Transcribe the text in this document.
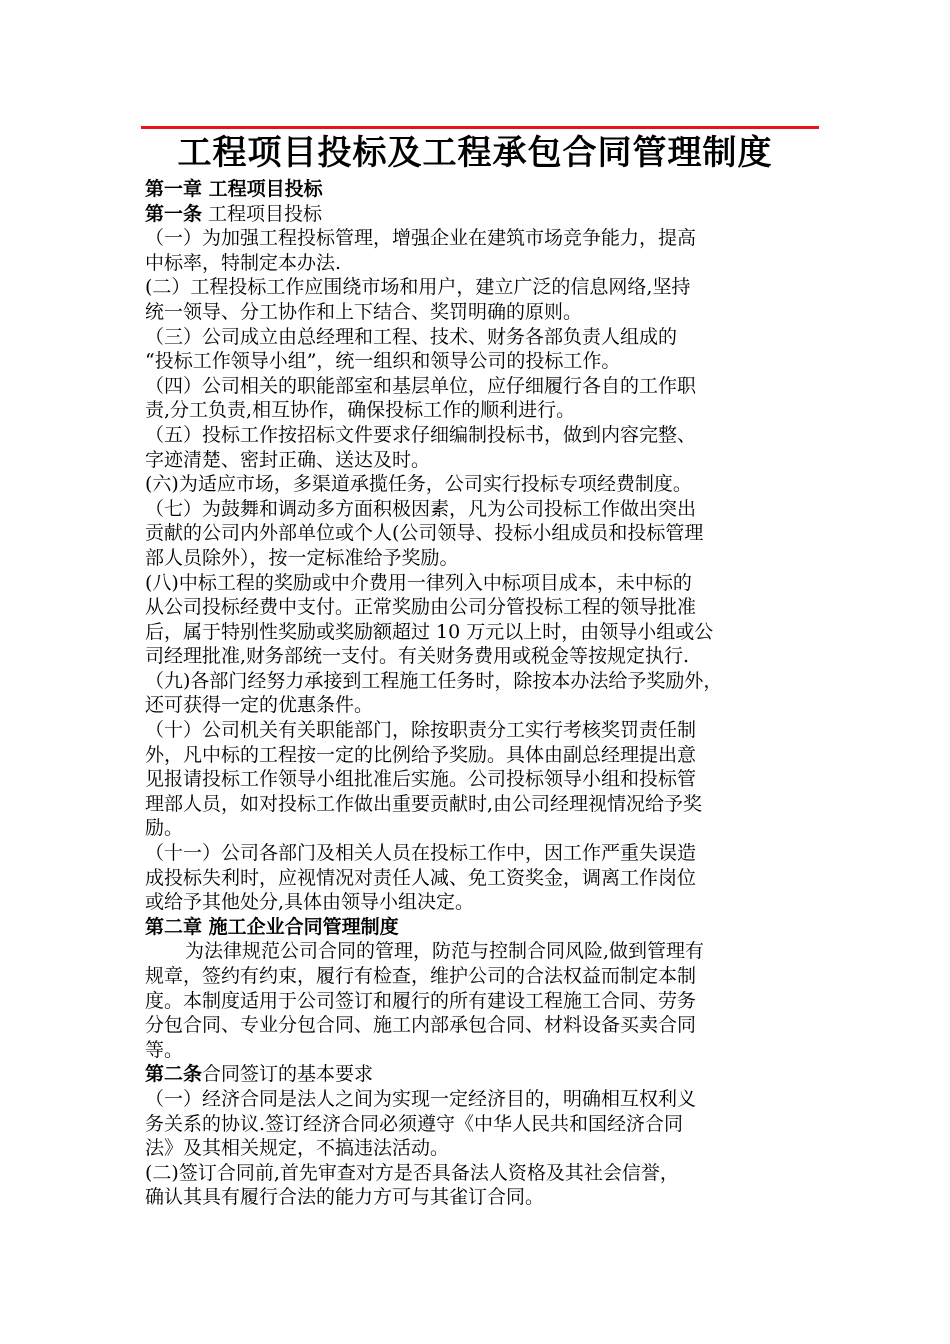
工程项目投标及工程承包合同管理制度
第一章 工程项目投标
第一条 工程项目投标
（一）为加强工程投标管理，增强企业在建筑市场竞争能力，提高
中标率，特制定本办法.
(二）工程投标工作应围绕市场和用户，建立广泛的信息网络,坚持
统一领导、分工协作和上下结合、奖罚明确的原则。
（三）公司成立由总经理和工程、技术、财务各部负责人组成的
“投标工作领导小组”，统一组织和领导公司的投标工作。
（四）公司相关的职能部室和基层单位，应仔细履行各自的工作职
责,分工负责,相互协作，确保投标工作的顺利进行。
（五）投标工作按招标文件要求仔细编制投标书，做到内容完整、
字迹清楚、密封正确、送达及时。
(六)为适应市场，多渠道承揽任务，公司实行投标专项经费制度。
（七）为鼓舞和调动多方面积极因素，凡为公司投标工作做出突出
贡献的公司内外部单位或个人(公司领导、投标小组成员和投标管理
部人员除外），按一定标准给予奖励。
(八)中标工程的奖励或中介费用一律列入中标项目成本，未中标的
从公司投标经费中支付。正常奖励由公司分管投标工程的领导批准
后，属于特别性奖励或奖励额超过 10 万元以上时，由领导小组或公
司经理批准,财务部统一支付。有关财务费用或税金等按规定执行.
（九)各部门经努力承接到工程施工任务时，除按本办法给予奖励外，
还可获得一定的优惠条件。
（十）公司机关有关职能部门，除按职责分工实行考核奖罚责任制
外，凡中标的工程按一定的比例给予奖励。具体由副总经理提出意
见报请投标工作领导小组批准后实施。公司投标领导小组和投标管
理部人员，如对投标工作做出重要贡献时,由公司经理视情况给予奖
励。
（十一）公司各部门及相关人员在投标工作中，因工作严重失误造
成投标失利时，应视情况对责任人减、免工资奖金，调离工作岗位
或给予其他处分,具体由领导小组决定。
第二章 施工企业合同管理制度
为法律规范公司合同的管理，防范与控制合同风险,做到管理有
规章，签约有约束，履行有检查，维护公司的合法权益而制定本制
度。本制度适用于公司签订和履行的所有建设工程施工合同、劳务
分包合同、专业分包合同、施工内部承包合同、材料设备买卖合同
等。
第二条合同签订的基本要求
（一）经济合同是法人之间为实现一定经济目的，明确相互权利义
务关系的协议.签订经济合同必须遵守《中华人民共和国经济合同
法》及其相关规定，不搞违法活动。
(二)签订合同前,首先审查对方是否具备法人资格及其社会信誉，
确认其具有履行合法的能力方可与其雀订合同。
